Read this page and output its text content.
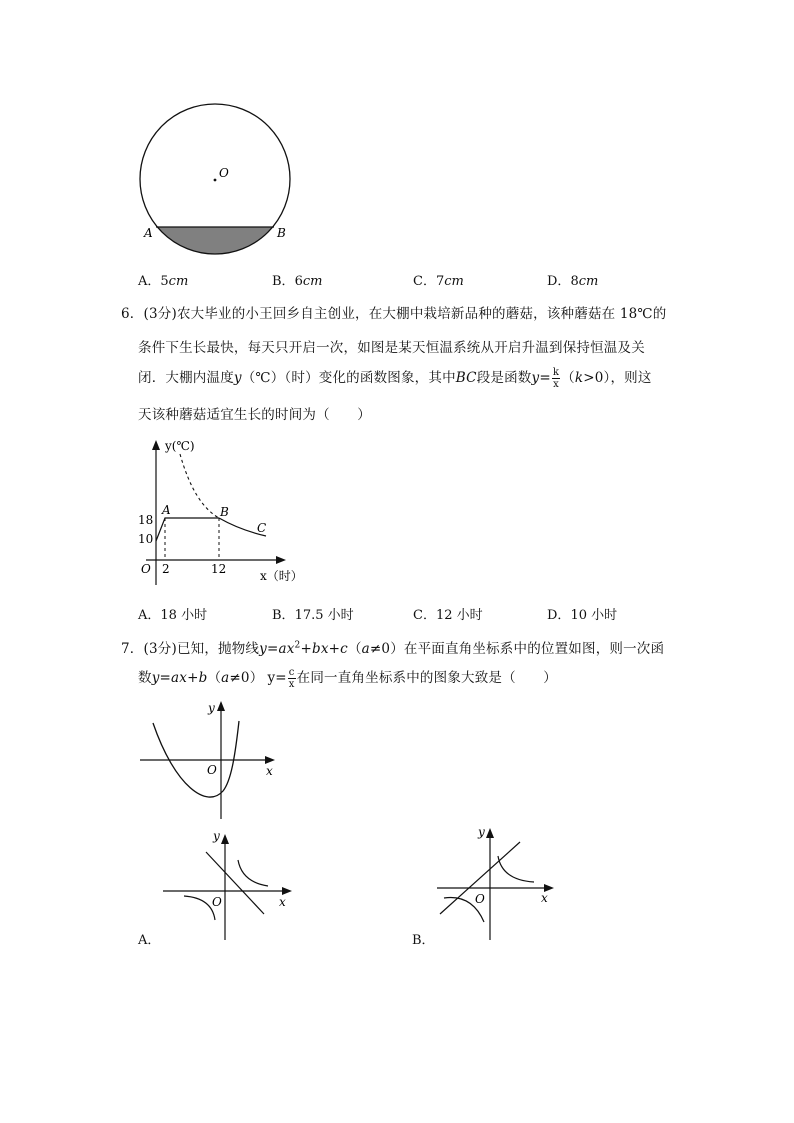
O
A	B
A．5cm	B．6cm	C．7cm	D．8cm
6．(3分)农大毕业的小王回乡自主创业，在大棚中栽培新品种的蘑菇，该种蘑菇在 18℃的
条件下生长最快，每天只开启一次，如图是某天恒温系统从开启升温到保持恒温及关
闭．大棚内温度y（℃）（时）变化的函数图象，其中BC段是函数$y= \frac{k}{x} (k>0)$，则这
天该种蘑菇适宜生长的时间为（　　）
y(℃)
x（时）
O
18
10
2	12
A	B
C
A．18 小时	B．17.5 小时	C．12 小时	D．10 小时
7．(3分)已知，抛物线$y=ax^2+bx+c(a\ne 0)$在平面直角坐标系中的位置如图，则一次函
数y=ax+b（a≠0） $y= \frac{c}{x}$ 在同一直角坐标系中的图象大致是（　　）
y
x
O
y
x
O
A．
y
x
O
B．
